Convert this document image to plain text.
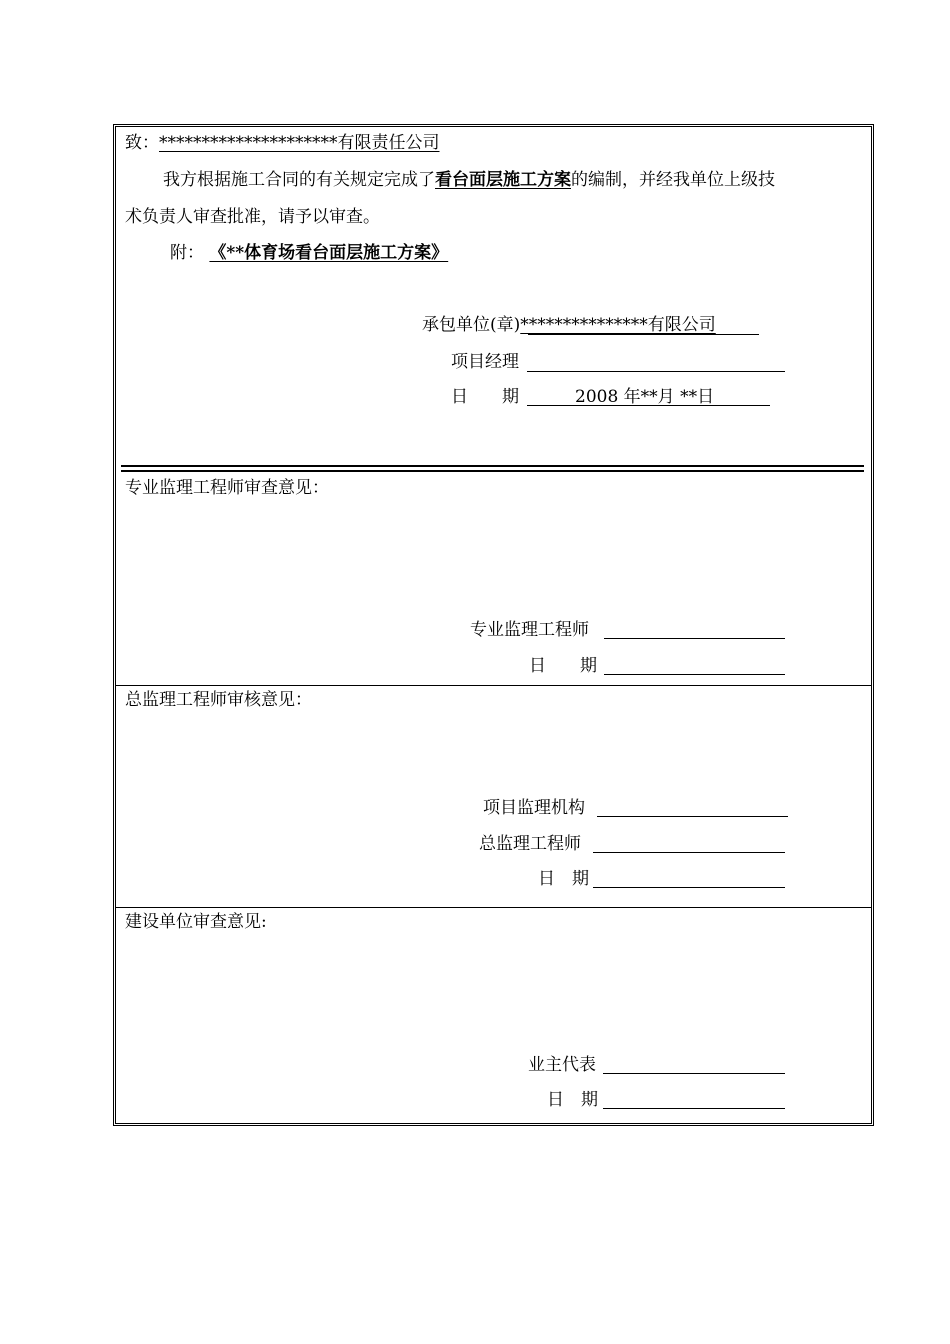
致：*********************有限责任公司
我方根据施工合同的有关规定完成了看台面层施工方案的编制，并经我单位上级技
术负责人审查批准，请予以审查。
附： 《**体育场看台面层施工方案》
承包单位(章)***************有限公司
项目经理
日　　期	2008 年**月 **日
专业监理工程师审查意见：
专业监理工程师
日　　期
总监理工程师审核意见：
项目监理机构
总监理工程师
日　期
建设单位审查意见:
业主代表
日　期
